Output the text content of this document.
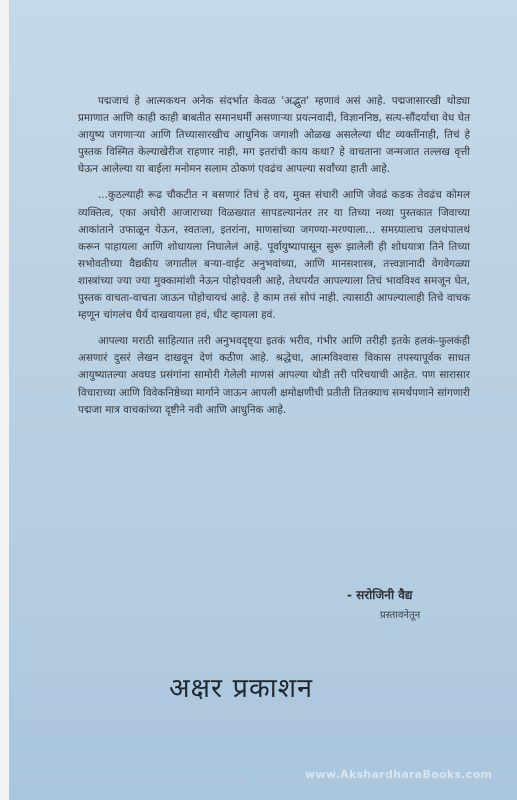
पद्मजाचं हे आत्मकथन अनेक संदर्भात केवळ 'अद्भुत' म्हणावं असं आहे. पद्मजासारखी थोड्या प्रमाणात आणि काही काही बाबतीत समानधर्मी असणाऱ्या प्रयत्नवादी, विज्ञाननिष्ठ, सत्य-सौंदर्याचा वेध घेत आयुष्य जगणाऱ्या आणि तिच्यासारखीच आधुनिक जगाशी ओळख असलेल्या धीट व्यक्तींनाही, तिचं हे पुस्तक विस्मित केल्याखेरीज राहणार नाही, मग इतरांची काय कथा? हे वाचताना जन्मजात तल्लख वृत्ती घेऊन आलेल्या या बाईला मनोमन सलाम ठोकणं एवढंच आपल्या सर्वांच्या हाती आहे.

...कुठल्याही रूढ चौकटीत न बसणारं तिचं हे वय, मुक्त संचारी आणि जेवढं कडक तेवढंच कोमल व्यक्तित्व, एका अघोरी आजाराच्या विळख्यात सापडल्यानंतर तर या तिच्या नव्या पुस्तकात जिवाच्या आकांताने उफाळून येऊन, स्वतःला, इतरांना, माणसांच्या जगण्या-मरण्याला... समग्र्यालाच उलथंपालथं करून पाहायला आणि शोधायला निघालेलं आहे. पूर्वायुष्यापासून सुरू झालेली ही शोधयात्रा तिने तिच्या सभोवतीच्या वैद्यकीय जगातील बऱ्या-वाईट अनुभवांच्या, आणि मानसशास्त्र, तत्त्वज्ञानादी वेगवेगळ्या शास्त्रांच्या ज्या ज्या मुक्कामांशी नेऊन पोहोचवली आहे, तेथपर्यंत आपल्याला तिचं भावविश्व समजून घेत, पुस्तक वाचता-वाचता जाऊन पोहोचायचं आहे. हे काम तसं सोपं नाही. त्यासाठी आपल्यालाही तिचे वाचक म्हणून चांगलंच धैर्य दाखवायला हवं, धीट व्हायला हवं.

आपल्या मराठी साहित्यात तरी अनुभवदृष्ट्या इतकं भरीव, गंभीर आणि तरीही इतके हलकं-फुलकंही असणारं दुसरं लेखन दाखवून देणं कठीण आहे. श्रद्धेचा, आत्मविश्वास विकास तपस्यापूर्वक साधत आयुष्यातल्या अवघड प्रसंगांना सामोरी गेलेली माणसं आपल्या थोडी तरी परिचयाची आहेत. पण सारासार विचाराच्या आणि विवेकनिष्ठेच्या मार्गाने जाऊन आपली क्षमोक्षणीची प्रतीती तितक्याच समर्थपणाने सांगणारी पद्मजा मात्र वाचकांच्या दृष्टीने नवी आणि आधुनिक आहे.

- सरोजिनी वैद्य
प्रस्तावनेतून
अक्षर प्रकाशन
www.AkshardharaBooks.com
